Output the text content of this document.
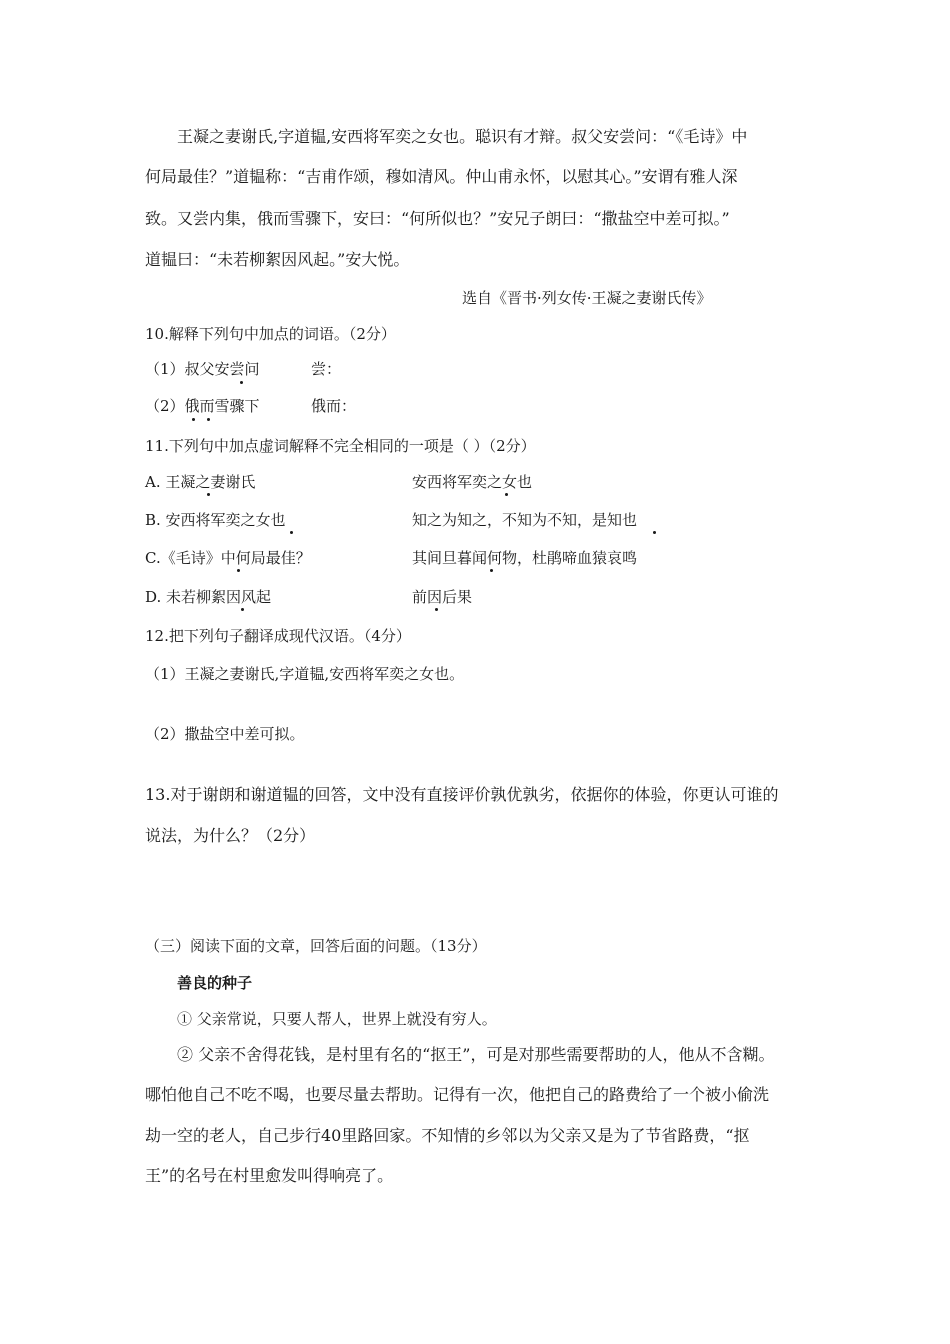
王凝之妻谢氏,字道韫,安西将军奕之女也。聪识有才辩。叔父安尝问：“《毛诗》中
何局最佳？”道韫称：“吉甫作颂，穆如清风。仲山甫永怀，以慰其心。”安谓有雅人深
致。又尝内集，俄而雪骤下，安曰：“何所似也？”安兄子朗曰：“撒盐空中差可拟。”
道韫曰：“未若柳絮因风起。”安大悦。
选自《晋书·列女传·王凝之妻谢氏传》
10.解释下列句中加点的词语。（2分）
（1）叔父安尝问	尝：
（2）俄而雪骤下	俄而：
11.下列句中加点虚词解释不完全相同的一项是（ ）（2分）
A. 王凝之妻谢氏	安西将军奕之女也
B. 安西将军奕之女也	知之为知之，不知为不知，是知也
C.《毛诗》中何局最佳？	其间旦暮闻何物，杜鹃啼血猿哀鸣
D. 未若柳絮因风起	前因后果
12.把下列句子翻译成现代汉语。（4分）
（1）王凝之妻谢氏,字道韫,安西将军奕之女也。
（2）撒盐空中差可拟。
13.对于谢朗和谢道韫的回答，文中没有直接评价孰优孰劣，依据你的体验，你更认可谁的
说法，为什么？（2分）
（三）阅读下面的文章，回答后面的问题。（13分）
善良的种子
① 父亲常说，只要人帮人，世界上就没有穷人。
② 父亲不舍得花钱，是村里有名的“抠王”，可是对那些需要帮助的人，他从不含糊。
哪怕他自己不吃不喝，也要尽量去帮助。记得有一次，他把自己的路费给了一个被小偷洗
劫一空的老人，自己步行40里路回家。不知情的乡邻以为父亲又是为了节省路费，“抠
王”的名号在村里愈发叫得响亮了。
